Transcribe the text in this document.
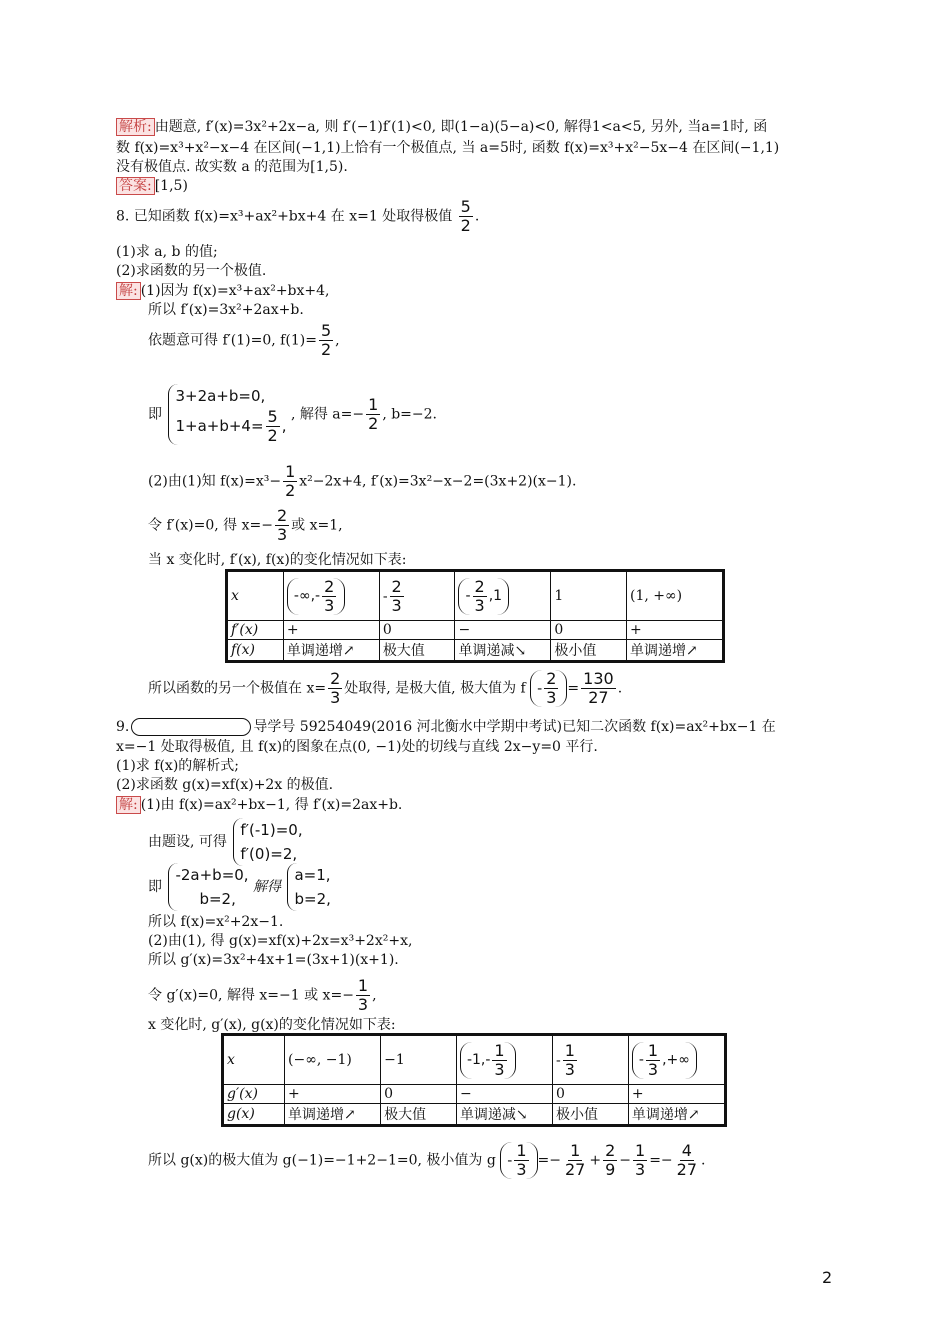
解析: 由题意, f′(x)=3x²+2x−a, 则 f′(−1)f′(1)<0, 即(1−a)(5−a)<0, 解得1<a<5, 另外, 当a=1时, 函
数 f(x)=x³+x²−x−4 在区间(−1,1)上恰有一个极值点, 当 a=5时, 函数 f(x)=x³+x²−5x−4 在区间(−1,1)
没有极值点. 故实数 a 的范围为[1,5).
答案: [1,5)
8. 已知函数 f(x)=x³+ax²+bx+4 在 x=1 处取得极值 $\frac{5}{2}$ .
(1)求 a, b 的值;
(2)求函数的另一个极值.
解: (1)因为 f(x)=x³+ax²+bx+4,
所以 f′(x)=3x²+2ax+b.
依题意可得 f′(1)=0, $f(1)= \frac{5}{2}$ ,
即
3+2a+b=0,
$1+a+b+4= \frac{5}{2}$ ,
, 解得 $a=- \frac{1}{2}$ , b=−2.
(2)由(1)知 $f(x)=x^3- \frac{1}{2} x^2-2x+4$, f′(x)=3x²−x−2=(3x+2)(x−1).
令 f′(x)=0, 得 $x=- \frac{2}{3}$ 或 x=1,
当 x 变化时, f′(x), f(x)的变化情况如下表:
x	-∞,- $\frac{2}{3}$	- $\frac{2}{3}$	- $\frac{2}{3} ,1$	1	(1, +∞)
f′(x)	+	0	−	0	+
f(x)	单调递增↗	极大值	单调递减↘	极小值	单调递增↗
所以函数的另一个极值在 $x= \frac{2}{3}$ 处取得, 是极大值, 极大值为 $f - \frac{2}{3} = \frac{130}{27}$ .
9.	导学号 59254049(2016 河北衡水中学期中考试)已知二次函数 f(x)=ax²+bx−1 在
x=−1 处取得极值, 且 f(x)的图象在点(0, −1)处的切线与直线 2x−y=0 平行.
(1)求 f(x)的解析式;
(2)求函数 g(x)=xf(x)+2x 的极值.
解: (1)由 f(x)=ax²+bx−1, 得 f′(x)=2ax+b.
由题设, 可得
f′(-1)=0,
f′(0)=2,
即
-2a+b=0,
b=2,
解得
a=1,
b=2,
所以 f(x)=x²+2x−1.
(2)由(1), 得 g(x)=xf(x)+2x=x³+2x²+x,
所以 g′(x)=3x²+4x+1=(3x+1)(x+1).
令 g′(x)=0, 解得 x=−1 或 $x=- \frac{1}{3}$ ,
x 变化时, g′(x), g(x)的变化情况如下表:
x	(−∞, −1)	−1	$-1,- \frac{1}{3}$	- $\frac{1}{3}$	- $\frac{1}{3}$ ,+∞

g′(x)	+	0	−	0	+
g(x)	单调递增↗	极大值	单调递减↘	极小值	单调递增↗
所以 g(x)的极大值为 g(−1)=−1+2−1=0, 极小值为 $g - \frac{1}{3} =- \frac{1}{27} + \frac{2}{9} - \frac{1}{3} =- \frac{4}{27}$ .
2
